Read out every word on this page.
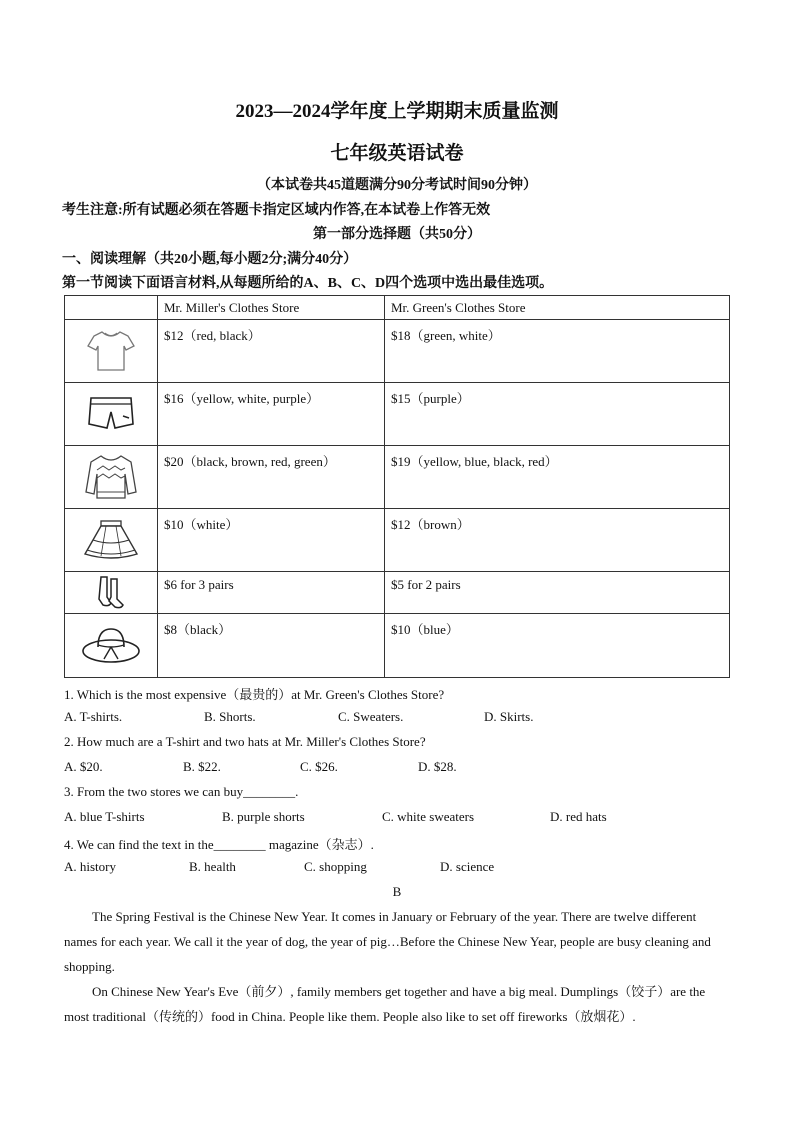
2023—2024学年度上学期期末质量监测
七年级英语试卷
（本试卷共45道题满分90分考试时间90分钟）
考生注意:所有试题必须在答题卡指定区域内作答,在本试卷上作答无效
第一部分选择题（共50分）
一、阅读理解（共20小题,每小题2分;满分40分）
第一节阅读下面语言材料,从每题所给的A、B、C、D四个选项中选出最佳选项。
	Mr. Miller's Clothes Store	Mr. Green's Clothes Store

	$12（red, black）	$18（green, white）

	$16（yellow, white, purple）	$15（purple）

	$20（black, brown, red, green）	$19（yellow, blue, black, red）

	$10（white）	$12（brown）

	$6 for 3 pairs	$5 for 2 pairs

	$8（black）	$10（blue）
1. Which is the most expensive（最贵的）at Mr. Green's Clothes Store?
A. T-shirts.	B. Shorts.	C. Sweaters.	D. Skirts.
2. How much are a T-shirt and two hats at Mr. Miller's Clothes Store?
A. $20.	B. $22.	C. $26.	D. $28.
3. From the two stores we can buy________.
A. blue T-shirts	B. purple shorts	C. white sweaters	D. red hats
4. We can find the text in the________ magazine（杂志）.
A. history	B. health	C. shopping	D. science
B
The Spring Festival is the Chinese New Year. It comes in January or February of the year. There are twelve different names for each year. We call it the year of dog, the year of pig…Before the Chinese New Year, people are busy cleaning and shopping.
On Chinese New Year's Eve（前夕）, family members get together and have a big meal. Dumplings（饺子）are the most traditional（传统的）food in China. People like them. People also like to set off fireworks（放烟花）.
